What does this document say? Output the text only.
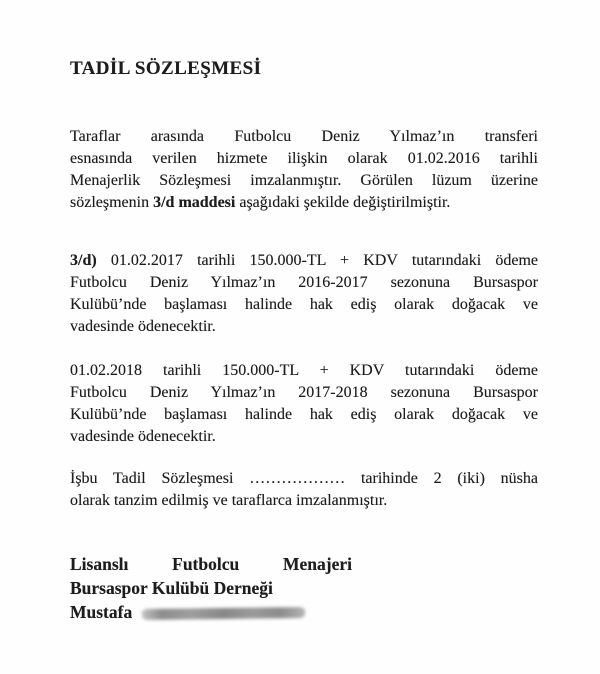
TADİL SÖZLEŞMESİ
Taraflar arasında Futbolcu Deniz Yılmaz’ın transferi
esnasında verilen hizmete ilişkin olarak 01.02.2016 tarihli
Menajerlik Sözleşmesi imzalanmıştır. Görülen lüzum üzerine
sözleşmenin 3/d maddesi aşağıdaki şekilde değiştirilmiştir.
3/d) 01.02.2017 tarihli 150.000-TL + KDV tutarındaki ödeme
Futbolcu Deniz Yılmaz’ın 2016-2017 sezonuna Bursaspor
Kulübü’nde başlaması halinde hak ediş olarak doğacak ve
vadesinde ödenecektir.
01.02.2018 tarihli 150.000-TL + KDV tutarındaki ödeme
Futbolcu Deniz Yılmaz’ın 2017-2018 sezonuna Bursaspor
Kulübü’nde başlaması halinde hak ediş olarak doğacak ve
vadesinde ödenecektir.
İşbu Tadil Sözleşmesi ……………… tarihinde 2 (iki) nüsha
olarak tanzim edilmiş ve taraflarca imzalanmıştır.
Lisanslı	Futbolcu	Menajeri
Bursaspor Kulübü Derneği
Mustafa
